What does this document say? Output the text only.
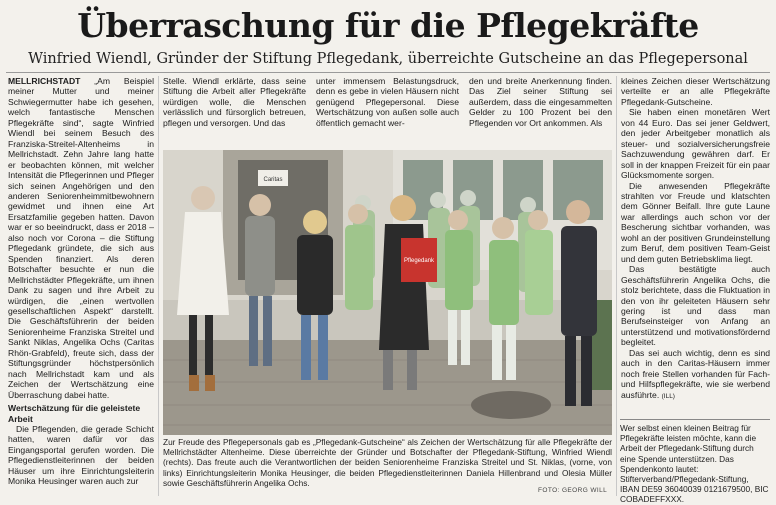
Überraschung für die Pflegekräfte
Winfried Wiendl, Gründer der Stiftung Pflegedank, überreichte Gutscheine an das Pflegepersonal

MELLRICHSTADT „Am Beispiel meiner Mutter und meiner Schwiegermutter habe ich gesehen, welch fantastische Menschen Pflegekräfte sind“, sagte Winfried Wiendl bei seinem Besuch des Franziska-Streitel-Altenheims in Mellrichstadt. Zehn Jahre lang hatte er beobachten können, mit welcher Intensität die Pflegerinnen und Pfleger sich seinen Angehörigen und den anderen Seniorenheimmitbewohnern gewidmet und ihnen eine Art Ersatzfamilie gegeben hatten. Davon war er so beeindruckt, dass er 2018 – also noch vor Corona – die Stiftung Pflegedank gründete, die sich aus Spenden finanziert. Als deren Botschafter besuchte er nun die Mellrichstädter Pflegekräfte, um ihnen Dank zu sagen und ihre Arbeit zu würdigen, die „einen wertvollen gesellschaftlichen Aspekt“ darstellt. Die Geschäftsführerin der beiden Seniorenheime Franziska Streitel und Sankt Niklas, Angelika Ochs (Caritas Rhön-Grabfeld), freute sich, dass der Stiftungsgründer höchstpersönlich nach Mellrichstadt kam und als Zeichen der Wertschätzung eine Überraschung dabei hatte.

Wertschätzung für die geleistete Arbeit

Die Pflegenden, die gerade Schicht hatten, waren dafür vor das Eingangsportal gerufen worden. Die Pflegedienstleiterinnen der beiden Häuser um ihre Einrichtungsleiterin Monika Heusinger waren auch zur

Stelle. Wiendl erklärte, dass seine Stiftung die Arbeit aller Pflegekräfte würdigen wolle, die Menschen verlässlich und fürsorglich betreuen, pflegen und versorgen. Und das

unter immensem Belastungsdruck, denn es gebe in vielen Häusern nicht genügend Pflegepersonal. Diese Wertschätzung von außen solle auch öffentlich gemacht wer-

den und breite Anerkennung finden. Das Ziel seiner Stiftung sei außerdem, dass die eingesammelten Gelder zu 100 Prozent bei den Pflegenden vor Ort ankommen. Als

kleines Zeichen dieser Wertschätzung verteilte er an alle Pflegekräfte Pflegedank-Gutscheine.

Sie haben einen monetären Wert von 44 Euro. Das sei jener Geldwert, den jeder Arbeitgeber monatlich als steuer- und sozialversicherungsfreie Sachzuwendung gewähren darf. Er soll in der knappen Freizeit für ein paar Glücksmomente sorgen.

Die anwesenden Pflegekräfte strahlten vor Freude und klatschten dem Gönner Beifall. Ihre gute Laune war allerdings auch schon vor der Bescherung sichtbar vorhanden, was wohl an der positiven Grundeinstellung zum Beruf, dem positiven Team-Geist und dem guten Betriebsklima liegt.

Das bestätigte auch Geschäftsführerin Angelika Ochs, die stolz berichtete, dass die Fluktuation in den von ihr geleiteten Häusern sehr gering ist und dass man Berufseinsteiger von Anfang an unterstützend und motivationsfördernd begleitet.

Das sei auch wichtig, denn es sind auch in den Caritas-Häusern immer noch freie Stellen vorhanden für Fach- und Hilfspflegekräfte, wie sie werbend ausführte. (ILL)

Caritas
Pflegedank
Zur Freude des Pflegepersonals gab es „Pflegedank-Gutscheine“ als Zeichen der Wertschätzung für alle Pflegekräfte der Mellrichstädter Altenheime. Diese überreichte der Gründer und Botschafter der Pflegedank-Stiftung, Winfried Wiendl (rechts). Das freute auch die Verantwortlichen der beiden Seniorenheime Franziska Streitel und St. Niklas, (vorne, von links) Einrichtungsleiterin Monika Heusinger, die beiden Pflegedienstleiterinnen Daniela Hillenbrand und Olesia Müller sowie Geschäftsführerin Angelika Ochs.
FOTO: GEORG WILL
Wer selbst einen kleinen Beitrag für Pflegekräfte leisten möchte, kann die Arbeit der Pflegedank-Stiftung durch eine Spende unterstützen. Das Spendenkonto lautet: Stifterverband/Pflegedank-Stiftung, IBAN DE59 36040039 0121679500, BIC COBADEFFXXX.
